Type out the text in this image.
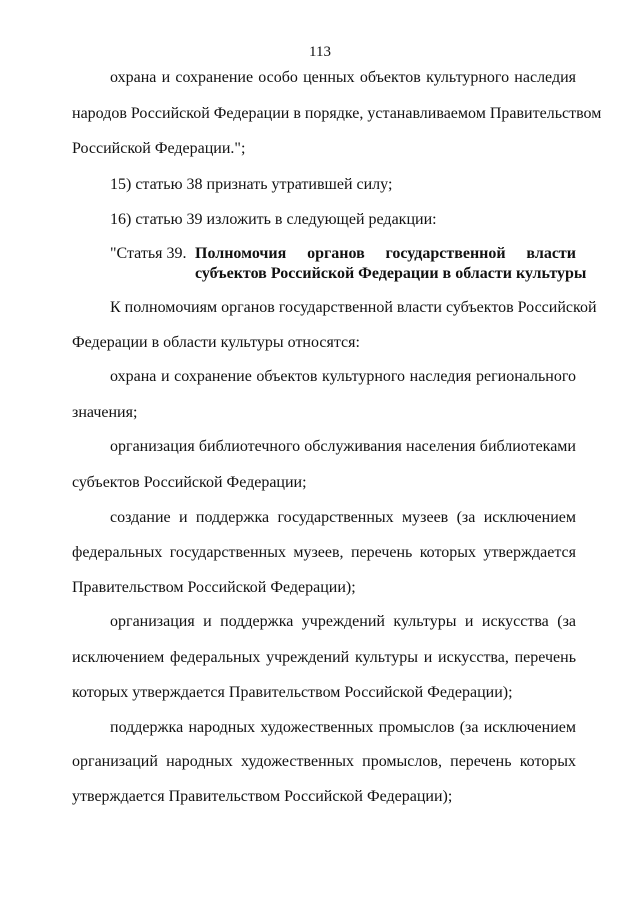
113
охрана и сохранение особо ценных объектов культурного наследия
народов Российской Федерации в порядке, устанавливаемом Правительством
Российской Федерации.";
15) статью 38 признать утратившей силу;
16) статью 39 изложить в следующей редакции:
"Статья 39. Полномочия органов государственной власти
субъектов Российской Федерации в области культуры
К полномочиям органов государственной власти субъектов Российской
Федерации в области культуры относятся:
охрана и сохранение объектов культурного наследия регионального
значения;
организация библиотечного обслуживания населения библиотеками
субъектов Российской Федерации;
создание и поддержка государственных музеев (за исключением
федеральных государственных музеев, перечень которых утверждается
Правительством Российской Федерации);
организация и поддержка учреждений культуры и искусства (за
исключением федеральных учреждений культуры и искусства, перечень
которых утверждается Правительством Российской Федерации);
поддержка народных художественных промыслов (за исключением
организаций народных художественных промыслов, перечень которых
утверждается Правительством Российской Федерации);
